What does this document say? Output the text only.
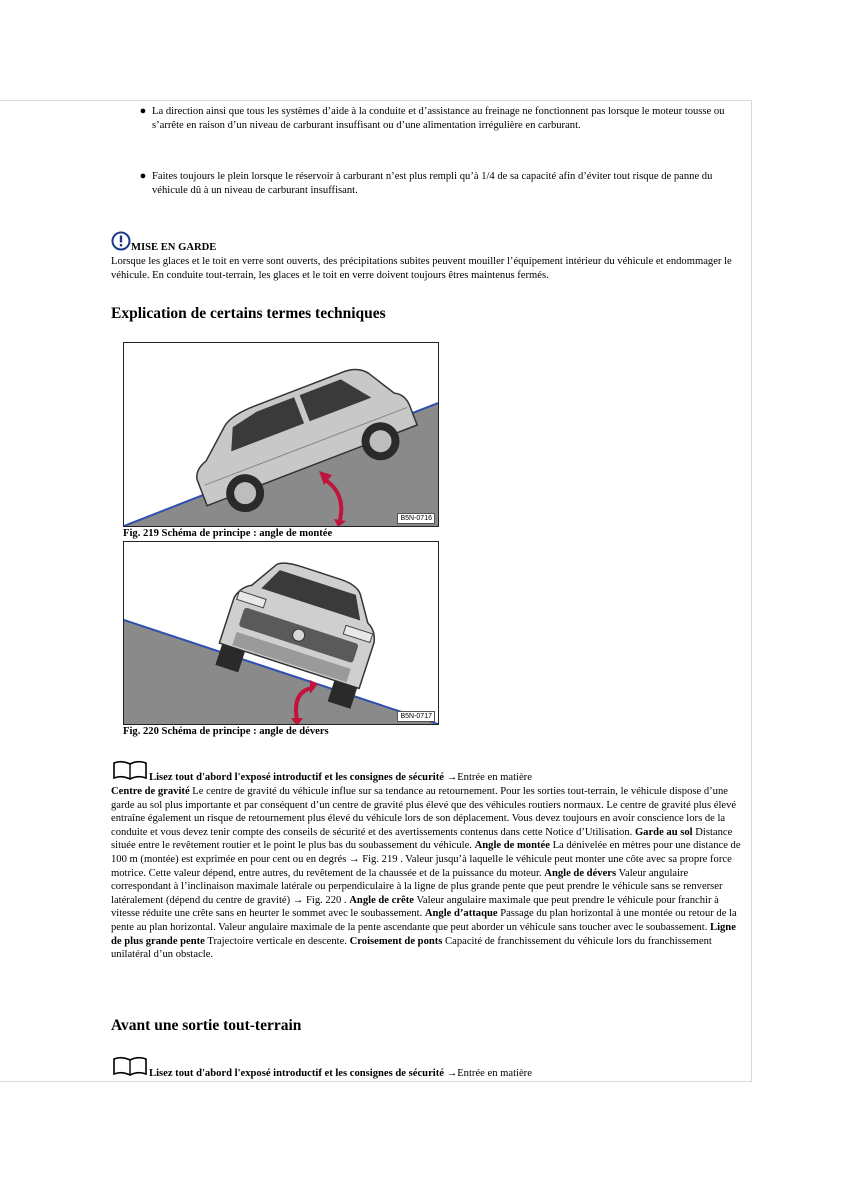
● La direction ainsi que tous les systèmes d’aide à la conduite et d’assistance au freinage ne fonctionnent pas lorsque le moteur tousse ou s’arrête en raison d’un niveau de carburant insuffisant ou d’une alimentation irrégulière en carburant.

● Faites toujours le plein lorsque le réservoir à carburant n’est plus rempli qu’à 1/4 de sa capacité afin d’éviter tout risque de panne du véhicule dû à un niveau de carburant insuffisant.

MISE EN GARDE

Lorsque les glaces et le toit en verre sont ouverts, des précipitations subites peuvent mouiller l’équipement intérieur du véhicule et endommager le véhicule. En conduite tout-terrain, les glaces et le toit en verre doivent toujours êtres maintenus fermés.

Explication de certains termes techniques
B5N-0716
Fig. 219 Schéma de principe : angle de montée
B5N-0717
Fig. 220 Schéma de principe : angle de dévers
Lisez tout d'abord l'exposé introductif et les consignes de sécurité →Entrée en matière

Centre de gravité Le centre de gravité du véhicule influe sur sa tendance au retournement. Pour les sorties tout-terrain, le véhicule dispose d’une garde au sol plus importante et par conséquent d’un centre de gravité plus élevé que des véhicules routiers normaux. Le centre de gravité plus élevé entraîne également un risque de retournement plus élevé du véhicule lors de son déplacement. Vous devez toujours en avoir conscience lors de la conduite et vous devez tenir compte des conseils de sécurité et des avertissements contenus dans cette Notice d’Utilisation. Garde au sol Distance située entre le revêtement routier et le point le plus bas du soubassement du véhicule. Angle de montée La dénivelée en mètres pour une distance de 100 m (montée) est exprimée en pour cent ou en degrés → Fig. 219 . Valeur jusqu’à laquelle le véhicule peut monter une côte avec sa propre force motrice. Cette valeur dépend, entre autres, du revêtement de la chaussée et de la puissance du moteur. Angle de dévers Valeur angulaire correspondant à l’inclinaison maximale latérale ou perpendiculaire à la ligne de plus grande pente que peut prendre le véhicule sans se renverser latéralement (dépend du centre de gravité) → Fig. 220 . Angle de crête Valeur angulaire maximale que peut prendre le véhicule pour franchir à vitesse réduite une crête sans en heurter le sommet avec le soubassement. Angle d’attaque Passage du plan horizontal à une montée ou retour de la pente au plan horizontal. Valeur angulaire maximale de la pente ascendante que peut aborder un véhicule sans toucher avec le soubassement. Ligne de plus grande pente Trajectoire verticale en descente. Croisement de ponts Capacité de franchissement du véhicule lors du franchissement unilatéral d’un obstacle.

Avant une sortie tout-terrain
Lisez tout d'abord l'exposé introductif et les consignes de sécurité →Entrée en matière
